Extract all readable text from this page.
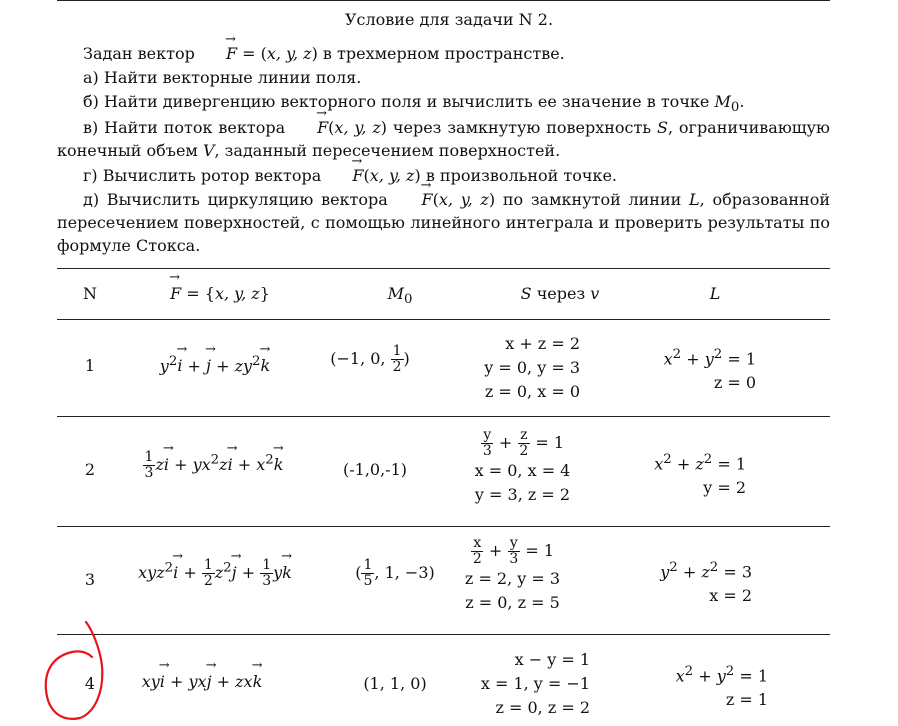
Условие для задачи N 2.
Задан вектор → F = (x, y, z) в трехмерном пространстве.
а) Найти векторные линии поля.
б) Найти дивергенцию векторного поля и вычислить ее значение в точке $M_0$.
в) Найти поток вектора → F(x, y, z) через замкнутую поверхность S, ограничивающую конечный объем V, заданный пересечением поверхностей.
г) Вычислить ротор вектора → F(x, y, z) в произвольной точке.
д) Вычислить циркуляцию вектора → F(x, y, z) по замкнутой линии L, образованной пересечением поверхностей, с помощью линейного интеграла и проверить результаты по формуле Стокса.
N
→	F = {x, y, z}	$M_0$	S через v	L
1	$y^2\to i$ + → $j + zy^2\to k$	(−1, 0, $\frac{1}{2}$ )
x + z = 2
y = 0, y = 3
z = 0, x = 0
$x^2 + y^2 = 1$
z = 0
2	$\frac{1}{3} z\to i + yx^2z\to i + x^2\to k$	(-1,0,-1)
$\frac{y}{3} + \frac{z}{2} = 1$
x = 0, x = 4
y = 3, z = 2
$x^2 + z^2 = 1$
y = 2
3	$xyz^2\to i + \frac{1}{2} z^2\to j + \frac{1}{3} y\to k$	( $\frac{1}{5}$ , 1, −3)
$\frac{x}{2} + \frac{y}{3} = 1$
z = 2, y = 3
z = 0, z = 5
$y^2 + z^2 = 3$
x = 2
4	xy→ i + yx→ j + zx→ k	(1, 1, 0)
x − y = 1
x = 1, y = −1
z = 0, z = 2
$x^2 + y^2 = 1$
z = 1
